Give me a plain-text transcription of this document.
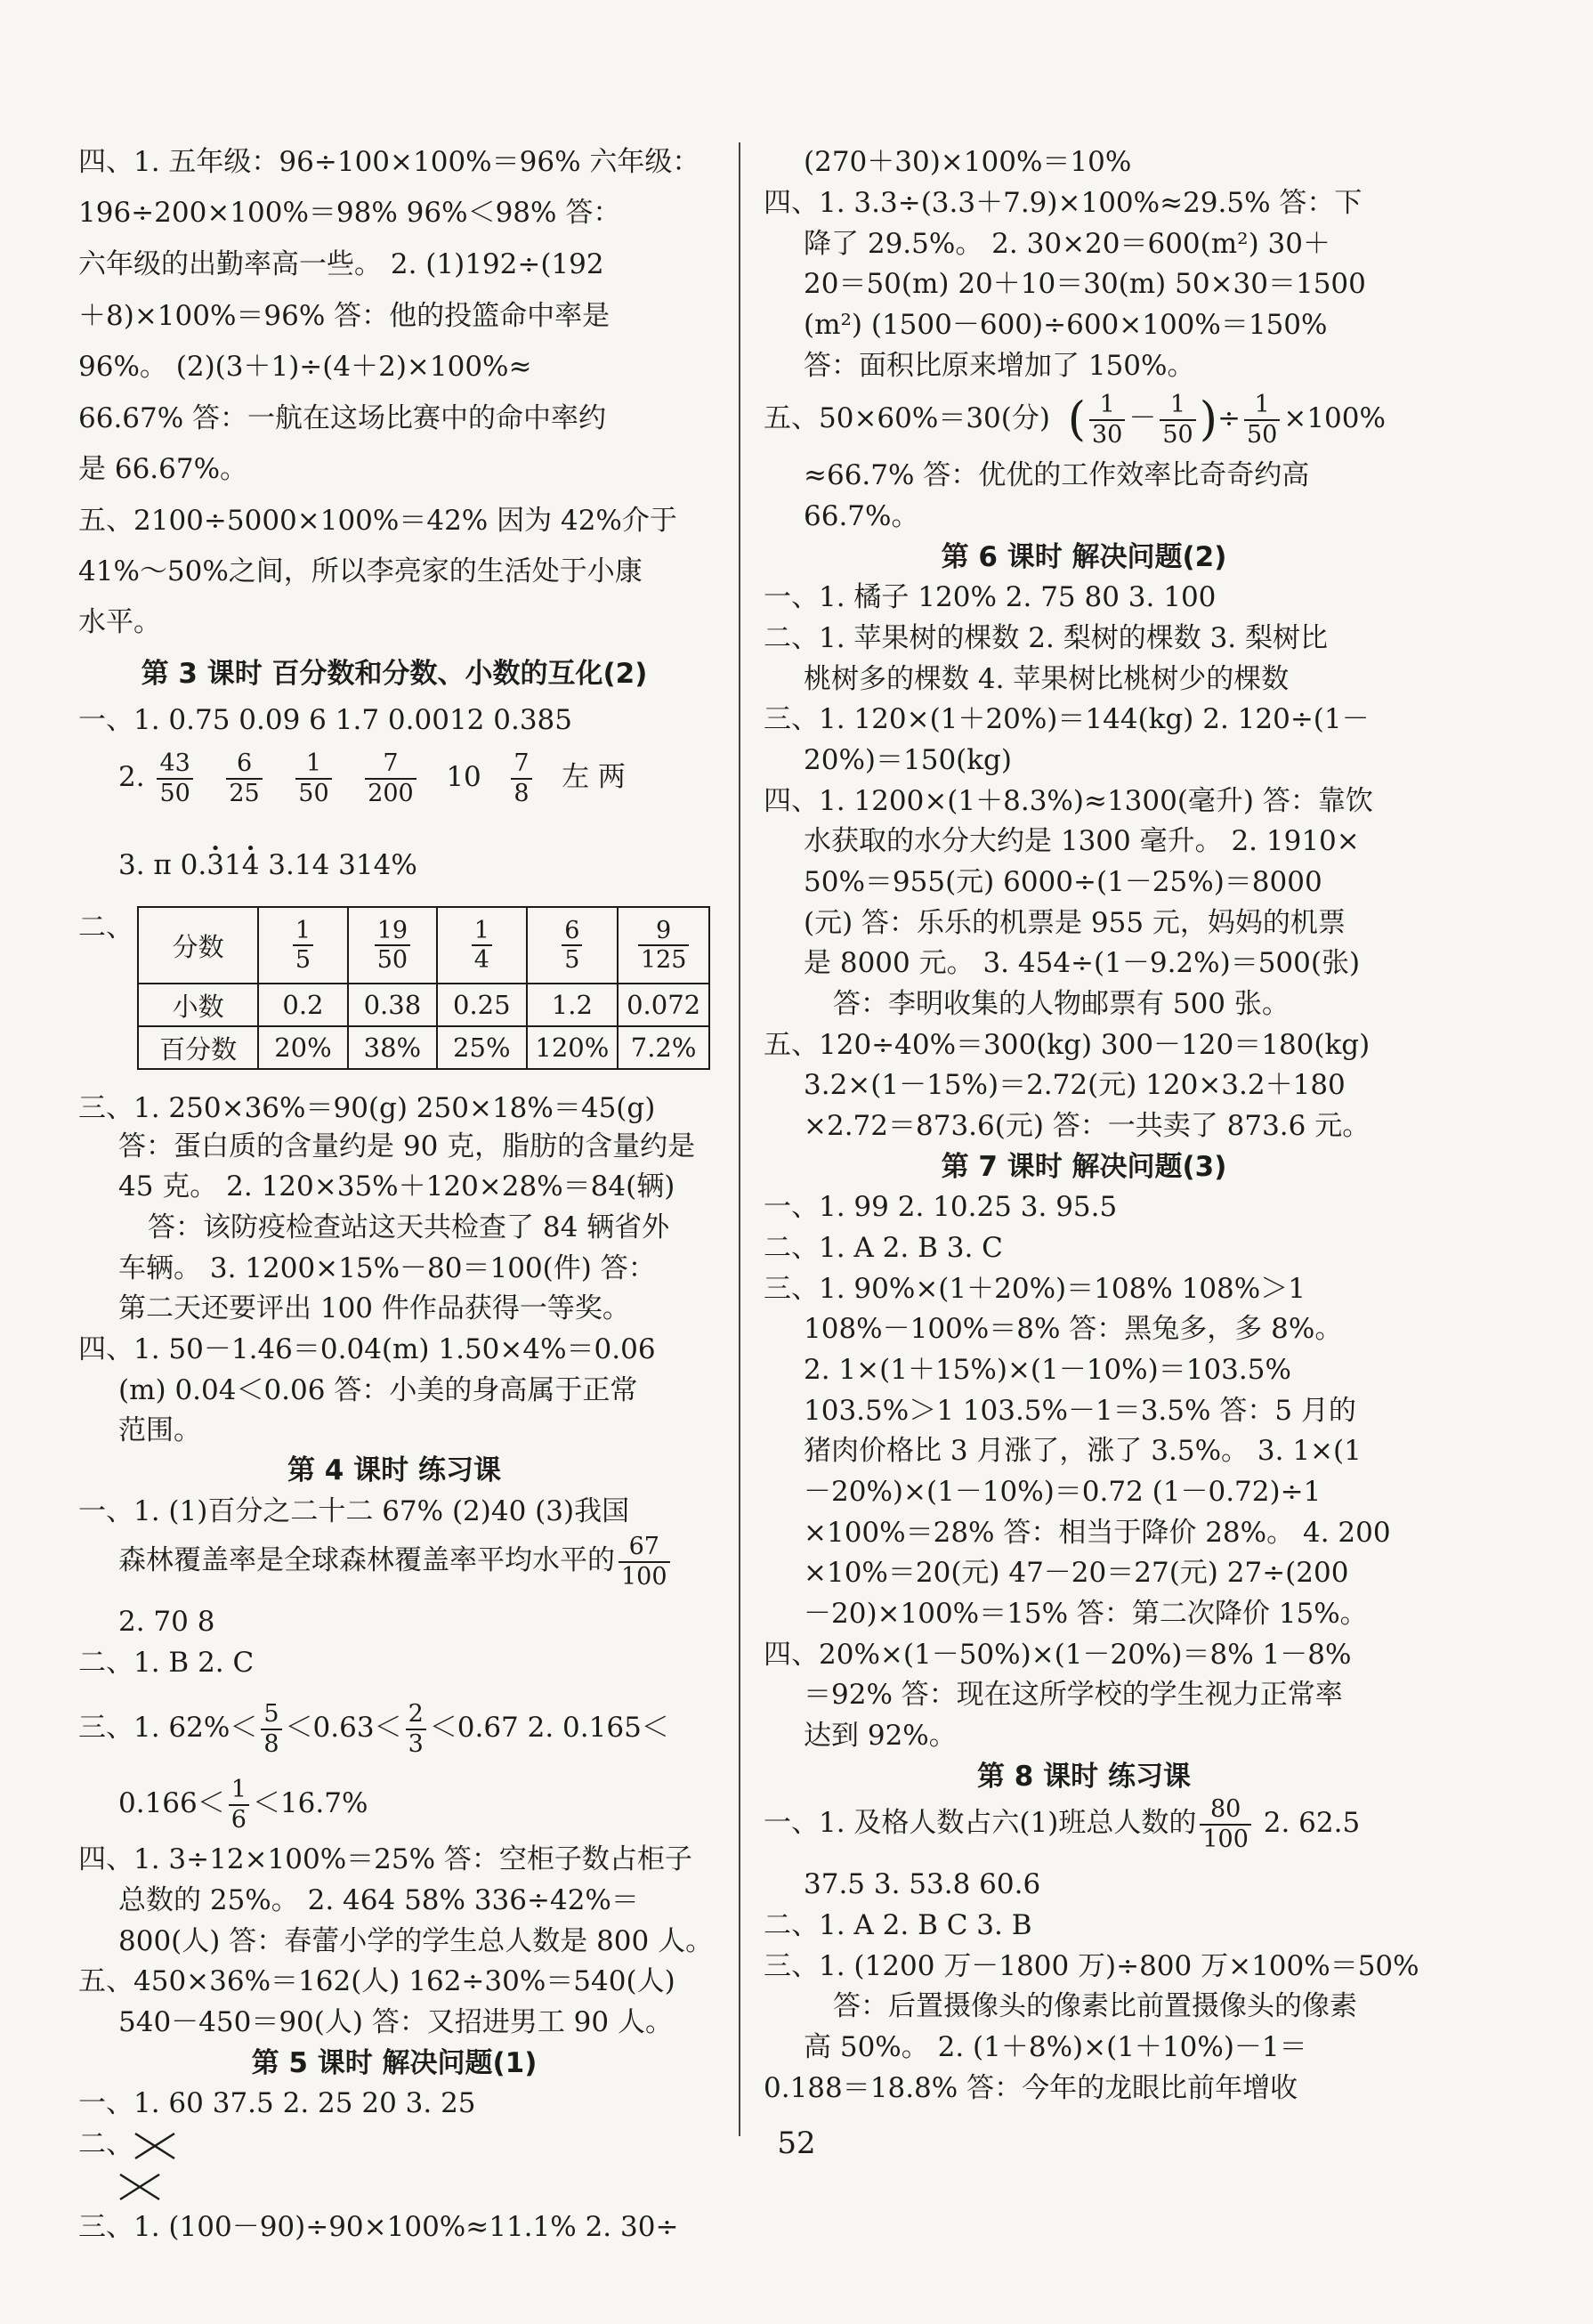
四、1. 五年级：96÷100×100%＝96% 六年级：
196÷200×100%＝98% 96%＜98% 答：
六年级的出勤率高一些。 2. (1)192÷(192
＋8)×100%＝96% 答：他的投篮命中率是
96%。 (2)(3＋1)÷(4＋2)×100%≈
66.67% 答：一航在这场比赛中的命中率约
是 66.67%。
五、2100÷5000×100%＝42% 因为 42%介于
41%～50%之间，所以李亮家的生活处于小康
水平。
第 3 课时 百分数和分数、小数的互化(2)
一、1. 0.75 0.09 6 1.7 0.0012 0.385
2. $\frac{43}{50}$
$\frac{6}{25}$
$\frac{1}{50}$
$\frac{7}{200} 10 \frac{7}{8}$ 左 两
3. π 0.• 31• 4 3.14 314%
二、
分数	$\frac{1}{5}$	$\frac{19}{50}$	$\frac{1}{4}$	$\frac{6}{5}$	$\frac{9}{125}$

小数	0.2	0.38	0.25	1.2	0.072
百分数	20%	38%	25%	120%	7.2%
三、1. 250×36%＝90(g) 250×18%＝45(g)
答：蛋白质的含量约是 90 克，脂肪的含量约是
45 克。 2. 120×35%＋120×28%＝84(辆)
答：该防疫检查站这天共检查了 84 辆省外
车辆。 3. 1200×15%－80＝100(件) 答：
第二天还要评出 100 件作品获得一等奖。
四、1. 50－1.46＝0.04(m) 1.50×4%＝0.06
(m) 0.04＜0.06 答：小美的身高属于正常
范围。
第 4 课时 练习课
一、1. (1)百分之二十二 67% (2)40 (3)我国
森林覆盖率是全球森林覆盖率平均水平的 $\frac{67}{100}$
2. 70 8
二、1. B 2. C
三、1. $62\%< \frac{5}{8} <0.63< \frac{2}{3} <0.67$ 2. 0.165＜
$0.166< \frac{1}{6} <16.7\%$
四、1. 3÷12×100%＝25% 答：空柜子数占柜子
总数的 25%。 2. 464 58% 336÷42%＝
800(人) 答：春蕾小学的学生总人数是 800 人。
五、450×36%＝162(人) 162÷30%＝540(人)
540－450＝90(人) 答：又招进男工 90 人。
第 5 课时 解决问题(1)
一、1. 60 37.5 2. 25 20 3. 25
二、
三、1. (100－90)÷90×100%≈11.1% 2. 30÷
(270＋30)×100%＝10%
四、1. 3.3÷(3.3＋7.9)×100%≈29.5% 答：下
降了 29.5%。 2. 30×20＝600(m²) 30＋
20＝50(m) 20＋10＝30(m) 50×30＝1500
(m²) (1500－600)÷600×100%＝150%
答：面积比原来增加了 150%。
五、50×60%＝30(分) ( $\frac{1}{30} - \frac{1}{50}$ )÷ $\frac{1}{50} \times 100\%$
≈66.7% 答：优优的工作效率比奇奇约高
66.7%。
第 6 课时 解决问题(2)
一、1. 橘子 120% 2. 75 80 3. 100
二、1. 苹果树的棵数 2. 梨树的棵数 3. 梨树比
桃树多的棵数 4. 苹果树比桃树少的棵数
三、1. 120×(1＋20%)＝144(kg) 2. 120÷(1－
20%)＝150(kg)
四、1. 1200×(1＋8.3%)≈1300(毫升) 答：靠饮
水获取的水分大约是 1300 毫升。 2. 1910×
50%＝955(元) 6000÷(1－25%)＝8000
(元) 答：乐乐的机票是 955 元，妈妈的机票
是 8000 元。 3. 454÷(1－9.2%)＝500(张)
答：李明收集的人物邮票有 500 张。
五、120÷40%＝300(kg) 300－120＝180(kg)
3.2×(1－15%)＝2.72(元) 120×3.2＋180
×2.72＝873.6(元) 答：一共卖了 873.6 元。
第 7 课时 解决问题(3)
一、1. 99 2. 10.25 3. 95.5
二、1. A 2. B 3. C
三、1. 90%×(1＋20%)＝108% 108%＞1
108%－100%＝8% 答：黑兔多，多 8%。
2. 1×(1＋15%)×(1－10%)＝103.5%
103.5%＞1 103.5%－1＝3.5% 答：5 月的
猪肉价格比 3 月涨了，涨了 3.5%。 3. 1×(1
－20%)×(1－10%)＝0.72 (1－0.72)÷1
×100%＝28% 答：相当于降价 28%。 4. 200
×10%＝20(元) 47－20＝27(元) 27÷(200
－20)×100%＝15% 答：第二次降价 15%。
四、20%×(1－50%)×(1－20%)＝8% 1－8%
＝92% 答：现在这所学校的学生视力正常率
达到 92%。
第 8 课时 练习课
一、1. 及格人数占六(1)班总人数的 $\frac{80}{100} 2$. 62.5
37.5 3. 53.8 60.6
二、1. A 2. B C 3. B
三、1. (1200 万－1800 万)÷800 万×100%＝50%
答：后置摄像头的像素比前置摄像头的像素
高 50%。 2. (1＋8%)×(1＋10%)－1＝
0.188＝18.8% 答：今年的龙眼比前年增收
52
